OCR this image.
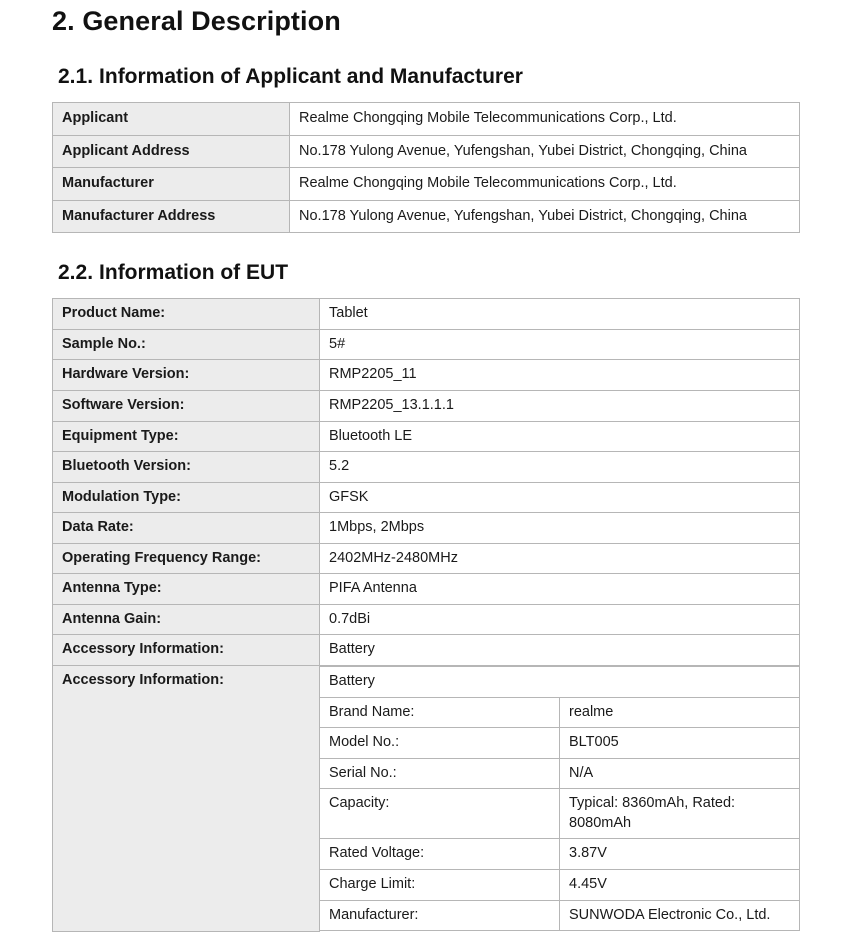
2. General Description
2.1. Information of Applicant and Manufacturer
Applicant	Realme Chongqing Mobile Telecommunications Corp., Ltd.
Applicant Address	No.178 Yulong Avenue, Yufengshan, Yubei District, Chongqing, China
Manufacturer	Realme Chongqing Mobile Telecommunications Corp., Ltd.
Manufacturer Address	No.178 Yulong Avenue, Yufengshan, Yubei District, Chongqing, China
2.2. Information of EUT
Product Name:	Tablet
Sample No.:	5#
Hardware Version:	RMP2205_11
Software Version:	RMP2205_13.1.1.1
Equipment Type:	Bluetooth LE
Bluetooth Version:	5.2
Modulation Type:	GFSK
Data Rate:	1Mbps, 2Mbps
Operating Frequency Range:	2402MHz-2480MHz
Antenna Type:	PIFA Antenna
Antenna Gain:	0.7dBi
Accessory Information:	Battery
Accessory Information:		Battery
Brand Name:	realme
Model No.:	BLT005
Serial No.:	N/A
Capacity:	Typical: 8360mAh, Rated: 8080mAh
Rated Voltage:	3.87V
Charge Limit:	4.45V
Manufacturer:	SUNWODA Electronic Co., Ltd.
